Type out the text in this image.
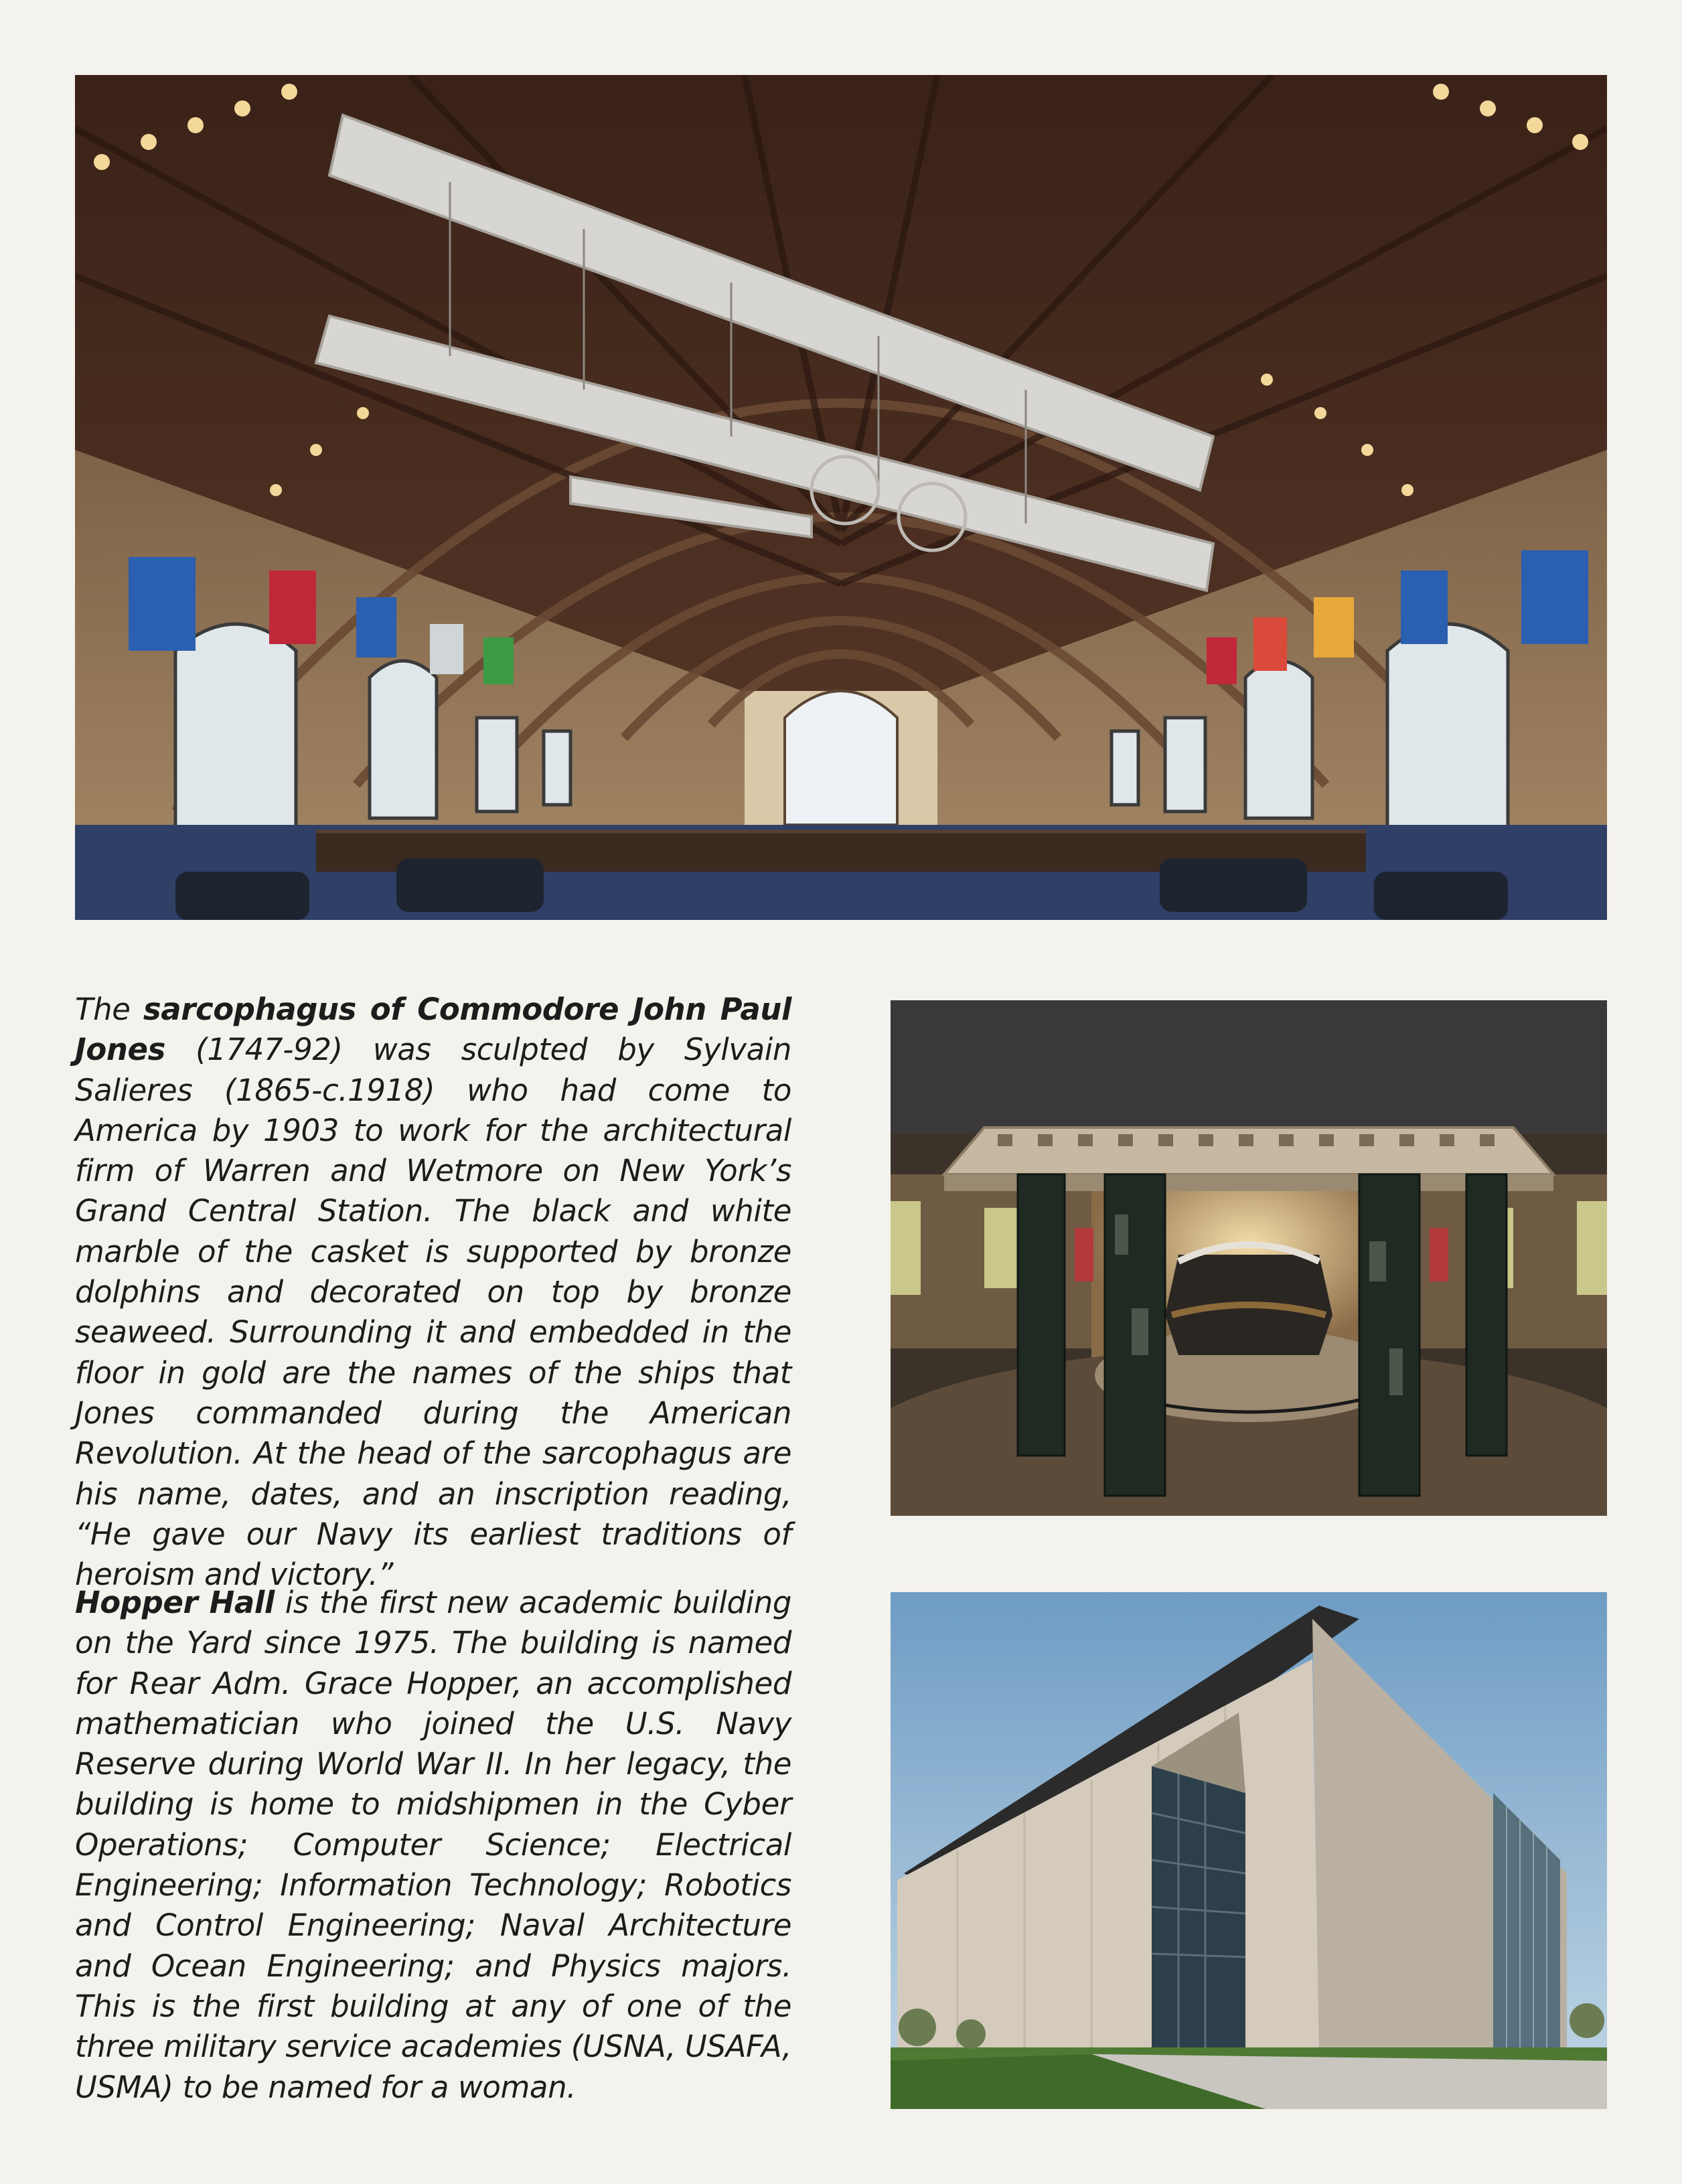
The sarcophagus of Commodore John Paul Jones (1747-92) was sculpted by Sylvain Salieres (1865-c.1918) who had come to America by 1903 to work for the architectural firm of Warren and Wetmore on New York’s Grand Central Station. The black and white marble of the casket is supported by bronze dolphins and decorated on top by bronze seaweed. Surrounding it and embedded in the floor in gold are the names of the ships that Jones commanded during the American Revolution. At the head of the sarcophagus are his name, dates, and an inscription reading, “He gave our Navy its earliest traditions of heroism and victory.”

Hopper Hall is the first new academic building on the Yard since 1975. The building is named for Rear Adm. Grace Hopper, an accomplished mathematician who joined the U.S. Navy Reserve during World War II. In her legacy, the building is home to midshipmen in the Cyber Operations; Computer Science; Electrical Engineering; Information Technology; Robotics and Control Engineering; Naval Architecture and Ocean Engineering; and Physics majors. This is the first building at any of one of the three military service academies (USNA, USAFA, USMA) to be named for a woman.
